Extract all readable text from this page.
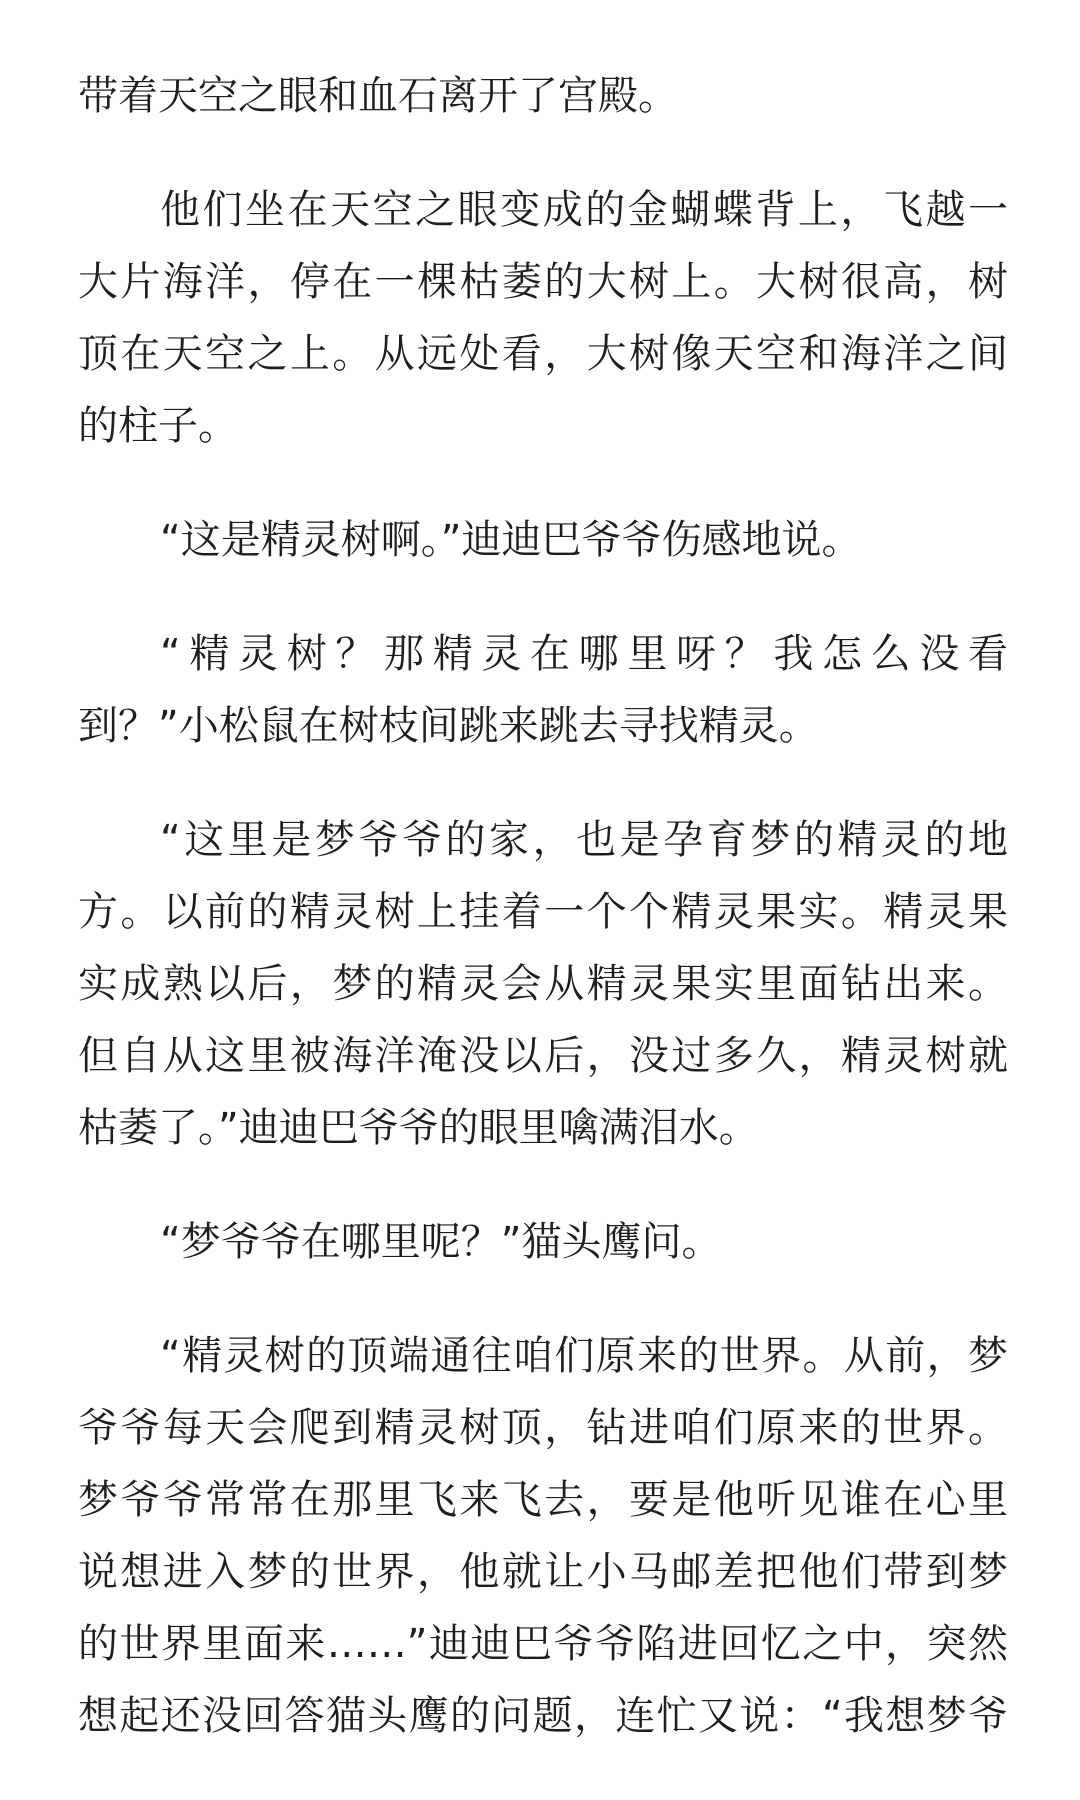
带着天空之眼和血石离开了宫殿。
他们坐在天空之眼变成的金蝴蝶背上，飞越一
大片海洋，停在一棵枯萎的大树上。大树很高，树
顶在天空之上。从远处看，大树像天空和海洋之间
的柱子。
“这是精灵树啊。”迪迪巴爷爷伤感地说。
“精灵树？那精灵在哪里呀？我怎么没看
到？”小松鼠在树枝间跳来跳去寻找精灵。
“这里是梦爷爷的家，也是孕育梦的精灵的地
方。以前的精灵树上挂着一个个精灵果实。精灵果
实成熟以后，梦的精灵会从精灵果实里面钻出来。
但自从这里被海洋淹没以后，没过多久，精灵树就
枯萎了。”迪迪巴爷爷的眼里噙满泪水。
“梦爷爷在哪里呢？”猫头鹰问。
“精灵树的顶端通往咱们原来的世界。从前，梦
爷爷每天会爬到精灵树顶，钻进咱们原来的世界。
梦爷爷常常在那里飞来飞去，要是他听见谁在心里
说想进入梦的世界，他就让小马邮差把他们带到梦
的世界里面来……”迪迪巴爷爷陷进回忆之中，突然
想起还没回答猫头鹰的问题，连忙又说：“我想梦爷
